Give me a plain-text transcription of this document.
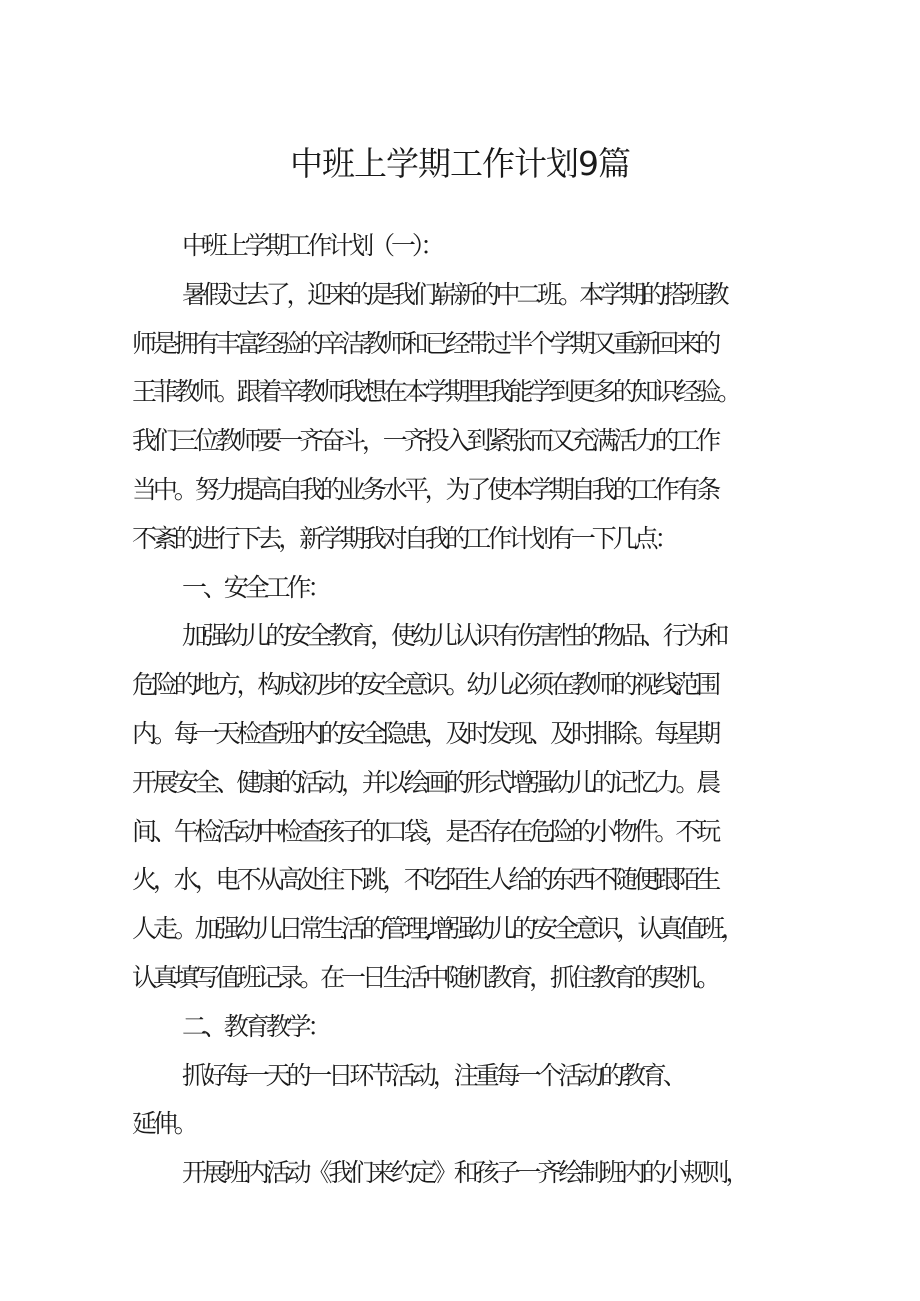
中班上学期工作计划9篇

中班上学期工作计划（一）：

暑假过去了，迎来的是我们崭新的中二班。本学期的搭班教

师是拥有丰富经验的辛洁教师和已经带过半个学期又重新回来的

王菲教师。跟着辛教师我想在本学期里我能学到更多的知识经验。

我们三位教师要一齐奋斗，一齐投入到紧张而又充满活力的工作

当中。努力提高自我的业务水平，为了使本学期自我的工作有条

不紊的进行下去，新学期我对自我的工作计划有一下几点：

一、安全工作：

加强幼儿的安全教育，使幼儿认识有伤害性的物品、行为和

危险的地方，构成初步的安全意识。幼儿必须在教师的视线范围

内。每一天检查班内的安全隐患，及时发现、及时排除。每星期

开展安全、健康的活动，并以绘画的形式增强幼儿的记忆力。晨

间、午检活动中检查孩子的口袋，是否存在危险的小物件。不玩

火，水，电不从高处往下跳，不吃陌生人给的东西不随便跟陌生

人走。加强幼儿日常生活的管理,增强幼儿的安全意识，认真值班，

认真填写值班记录。在一日生活中随机教育，抓住教育的契机。

二、教育教学：

抓好每一天的一日环节活动，注重每一个活动的教育、

延伸。

开展班内活动《我们来约定》和孩子一齐绘制班内的小规则，
